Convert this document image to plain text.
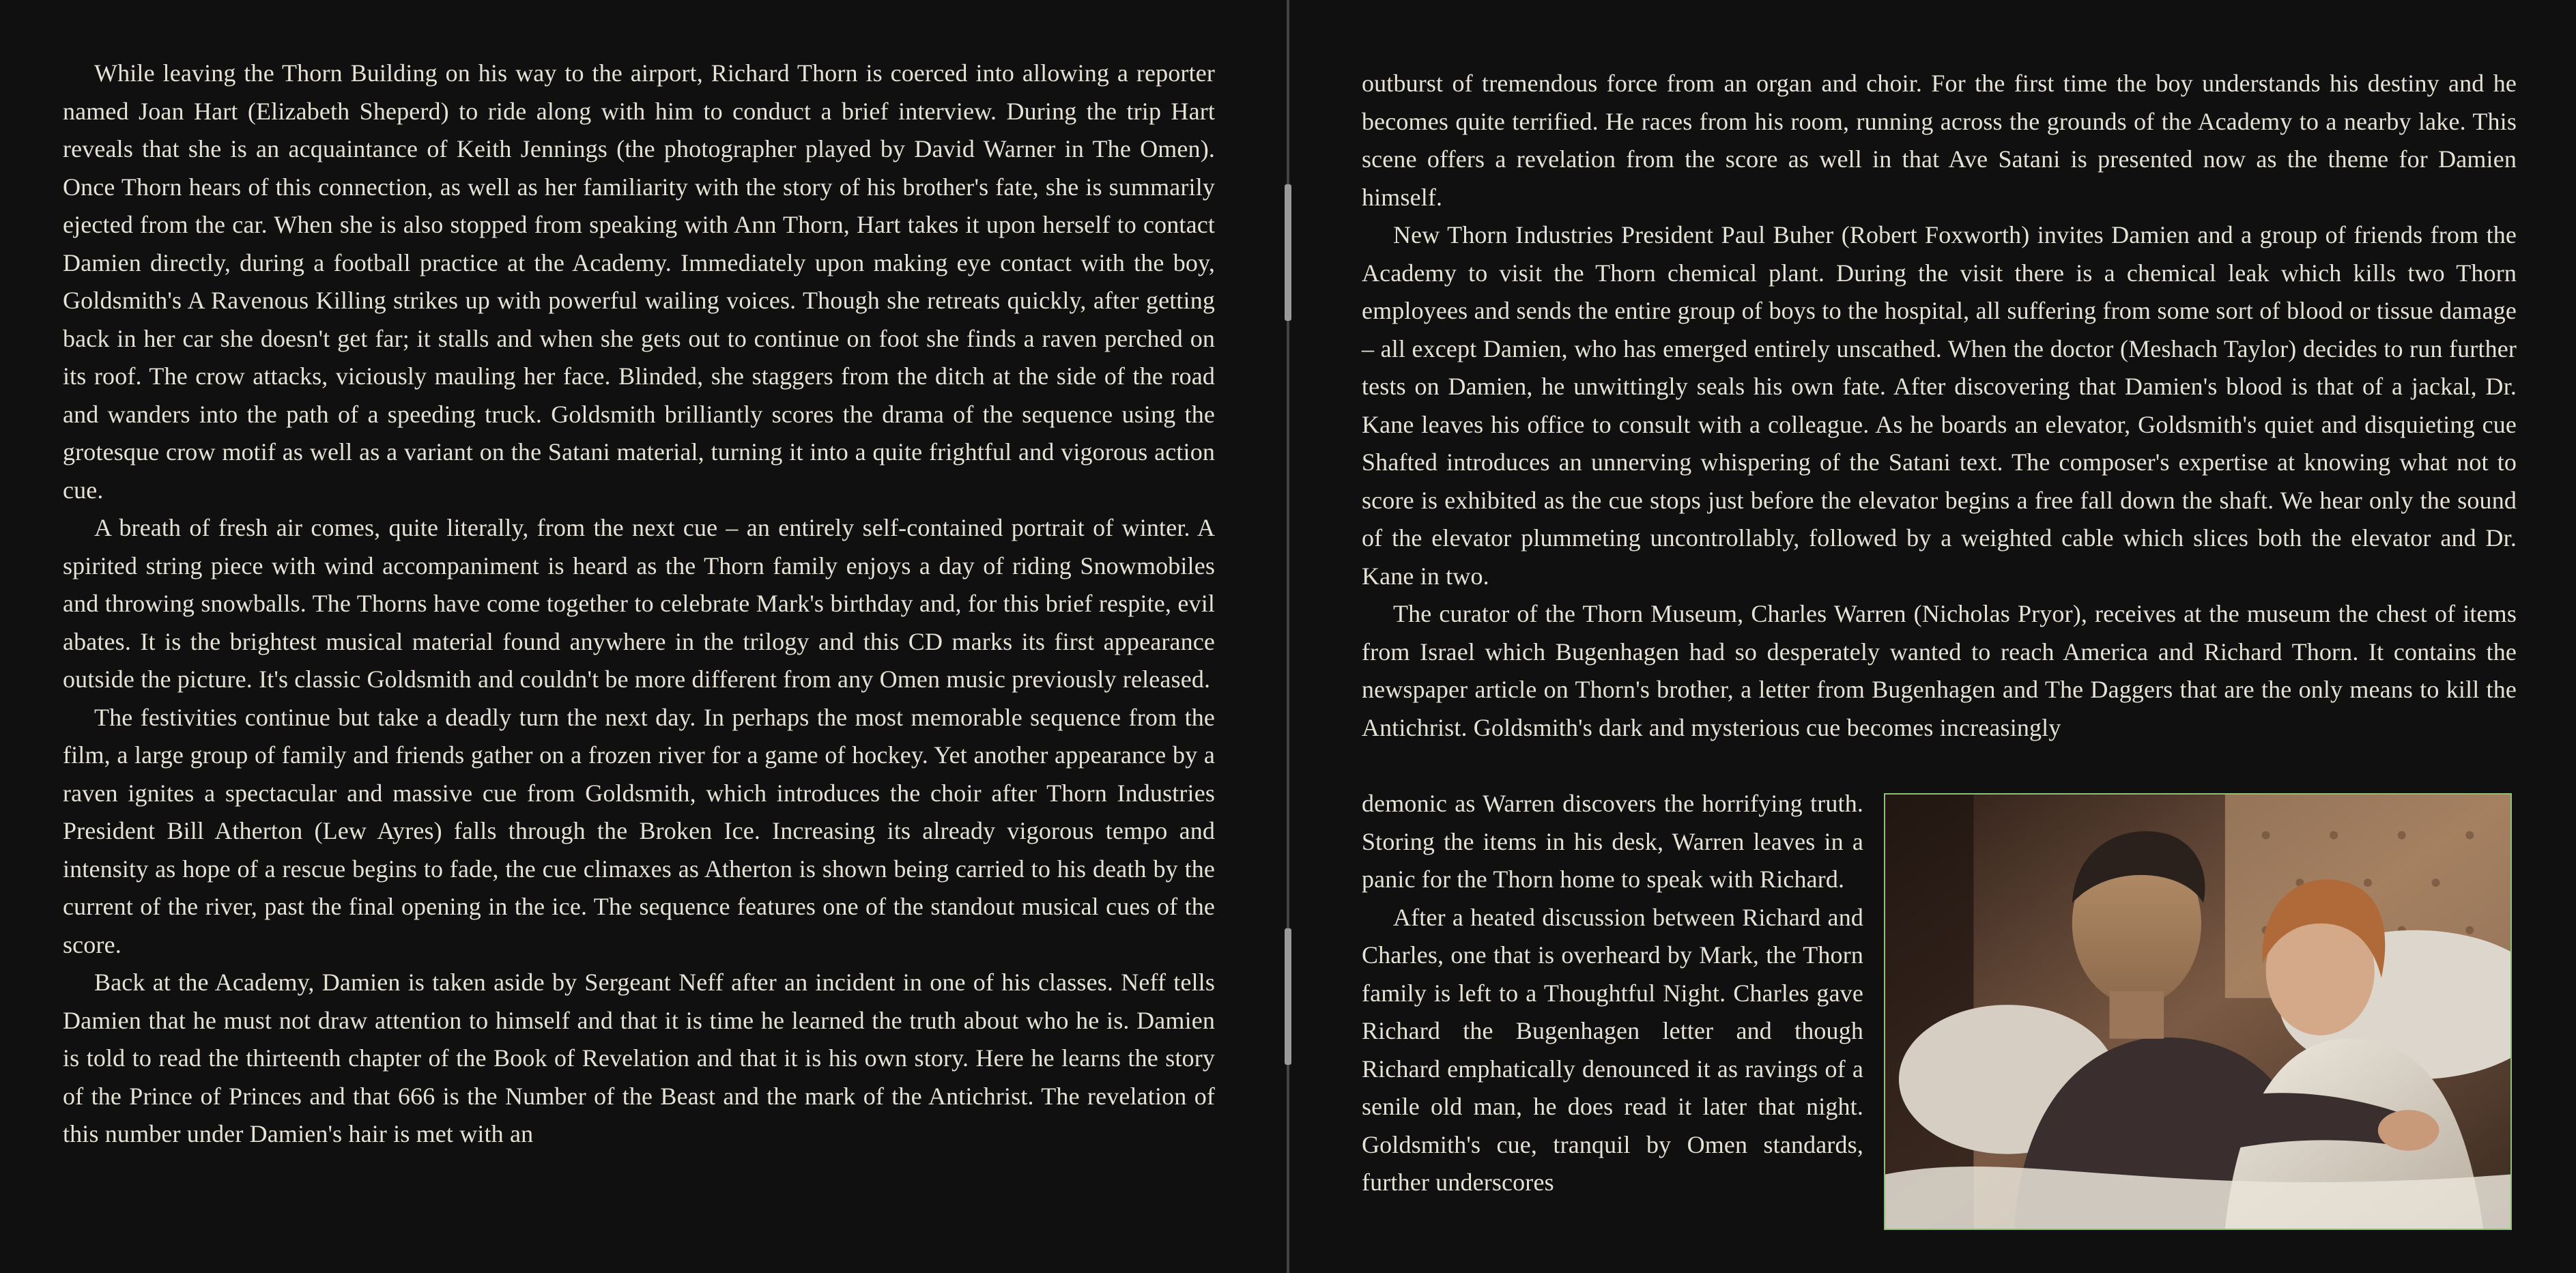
While leaving the Thorn Building on his way to the airport, Richard Thorn is coerced into allowing a reporter named Joan Hart (Elizabeth Sheperd) to ride along with him to conduct a brief interview. During the trip Hart reveals that she is an acquaintance of Keith Jennings (the photographer played by David Warner in The Omen). Once Thorn hears of this connection, as well as her familiarity with the story of his brother's fate, she is summarily ejected from the car. When she is also stopped from speaking with Ann Thorn, Hart takes it upon herself to contact Damien directly, during a football practice at the Academy. Immediately upon making eye contact with the boy, Goldsmith's A Ravenous Killing strikes up with powerful wailing voices. Though she retreats quickly, after getting back in her car she doesn't get far; it stalls and when she gets out to continue on foot she finds a raven perched on its roof. The crow attacks, viciously mauling her face. Blinded, she staggers from the ditch at the side of the road and wanders into the path of a speeding truck. Goldsmith brilliantly scores the drama of the sequence using the grotesque crow motif as well as a variant on the Satani material, turning it into a quite frightful and vigorous action cue.

A breath of fresh air comes, quite literally, from the next cue – an entirely self-contained portrait of winter. A spirited string piece with wind accompaniment is heard as the Thorn family enjoys a day of riding Snowmobiles and throwing snowballs. The Thorns have come together to celebrate Mark's birthday and, for this brief respite, evil abates. It is the brightest musical material found anywhere in the trilogy and this CD marks its first appearance outside the picture. It's classic Goldsmith and couldn't be more different from any Omen music previously released.

The festivities continue but take a deadly turn the next day. In perhaps the most memorable sequence from the film, a large group of family and friends gather on a frozen river for a game of hockey. Yet another appearance by a raven ignites a spectacular and massive cue from Goldsmith, which introduces the choir after Thorn Industries President Bill Atherton (Lew Ayres) falls through the Broken Ice. Increasing its already vigorous tempo and intensity as hope of a rescue begins to fade, the cue climaxes as Atherton is shown being carried to his death by the current of the river, past the final opening in the ice. The sequence features one of the standout musical cues of the score.

Back at the Academy, Damien is taken aside by Sergeant Neff after an incident in one of his classes. Neff tells Damien that he must not draw attention to himself and that it is time he learned the truth about who he is. Damien is told to read the thirteenth chapter of the Book of Revelation and that it is his own story. Here he learns the story of the Prince of Princes and that 666 is the Number of the Beast and the mark of the Antichrist. The revelation of this number under Damien's hair is met with an

outburst of tremendous force from an organ and choir. For the first time the boy understands his destiny and he becomes quite terrified. He races from his room, running across the grounds of the Academy to a nearby lake. This scene offers a revelation from the score as well in that Ave Satani is presented now as the theme for Damien himself.

New Thorn Industries President Paul Buher (Robert Foxworth) invites Damien and a group of friends from the Academy to visit the Thorn chemical plant. During the visit there is a chemical leak which kills two Thorn employees and sends the entire group of boys to the hospital, all suffering from some sort of blood or tissue damage – all except Damien, who has emerged entirely unscathed. When the doctor (Meshach Taylor) decides to run further tests on Damien, he unwittingly seals his own fate. After discovering that Damien's blood is that of a jackal, Dr. Kane leaves his office to consult with a colleague. As he boards an elevator, Goldsmith's quiet and disquieting cue Shafted introduces an unnerving whispering of the Satani text. The composer's expertise at knowing what not to score is exhibited as the cue stops just before the elevator begins a free fall down the shaft. We hear only the sound of the elevator plummeting uncontrollably, followed by a weighted cable which slices both the elevator and Dr. Kane in two.

The curator of the Thorn Museum, Charles Warren (Nicholas Pryor), receives at the museum the chest of items from Israel which Bugenhagen had so desperately wanted to reach America and Richard Thorn. It contains the newspaper article on Thorn's brother, a letter from Bugenhagen and The Daggers that are the only means to kill the Antichrist. Goldsmith's dark and mysterious cue becomes increasingly

demonic as Warren discovers the horrifying truth. Storing the items in his desk, Warren leaves in a panic for the Thorn home to speak with Richard.

After a heated discussion between Richard and Charles, one that is overheard by Mark, the Thorn family is left to a Thoughtful Night. Charles gave Richard the Bugenhagen letter and though Richard emphatically denounced it as ravings of a senile old man, he does read it later that night. Goldsmith's cue, tranquil by Omen standards, further underscores
